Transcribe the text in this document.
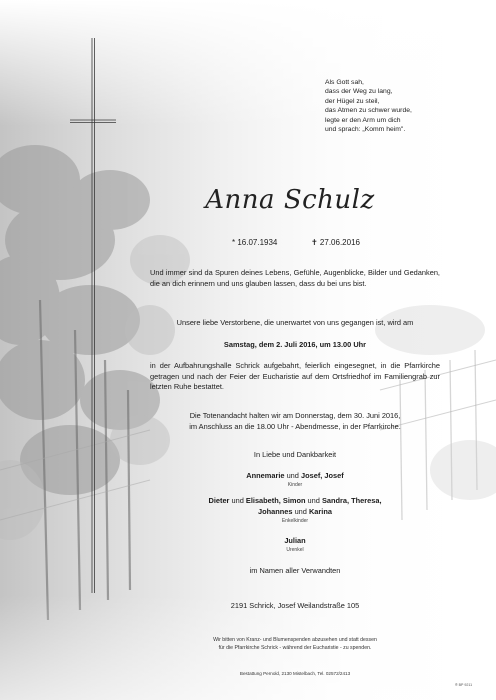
Als Gott sah,
dass der Weg zu lang,
der Hügel zu steil,
das Atmen zu schwer wurde,
legte er den Arm um dich
und sprach: „Komm heim".
Anna Schulz
* 16.07.1934	✝ 27.06.2016
Und immer sind da Spuren deines Lebens, Gefühle, Augenblicke, Bilder und Gedanken, die an dich erinnern und uns glauben lassen, dass du bei uns bist.
Unsere liebe Verstorbene, die unerwartet von uns gegangen ist, wird am
Samstag, dem 2. Juli 2016, um 13.00 Uhr
in der Aufbahrungshalle Schrick aufgebahrt, feierlich eingesegnet, in die Pfarrkirche getragen und nach der Feier der Eucharistie auf dem Ortsfriedhof im Familiengrab zur letzten Ruhe bestattet.
Die Totenandacht halten wir am Donnerstag, dem 30. Juni 2016,
im Anschluss an die 18.00 Uhr - Abendmesse, in der Pfarrkirche.
In Liebe und Dankbarkeit
Annemarie und Josef, Josef
Kinder
Dieter und Elisabeth, Simon und Sandra, Theresa,
Johannes und Karina
Enkelkinder
Julian
Urenkel
im Namen aller Verwandten
2191 Schrick, Josef Weilandstraße 105
Wir bitten von Kranz- und Blumenspenden abzusehen und statt dessen
für die Pfarrkirche Schrick - während der Eucharistie - zu spenden.
Bestattung Pernold, 2130 Mistelbach, Tel. 02572/2413
® BP 9211
